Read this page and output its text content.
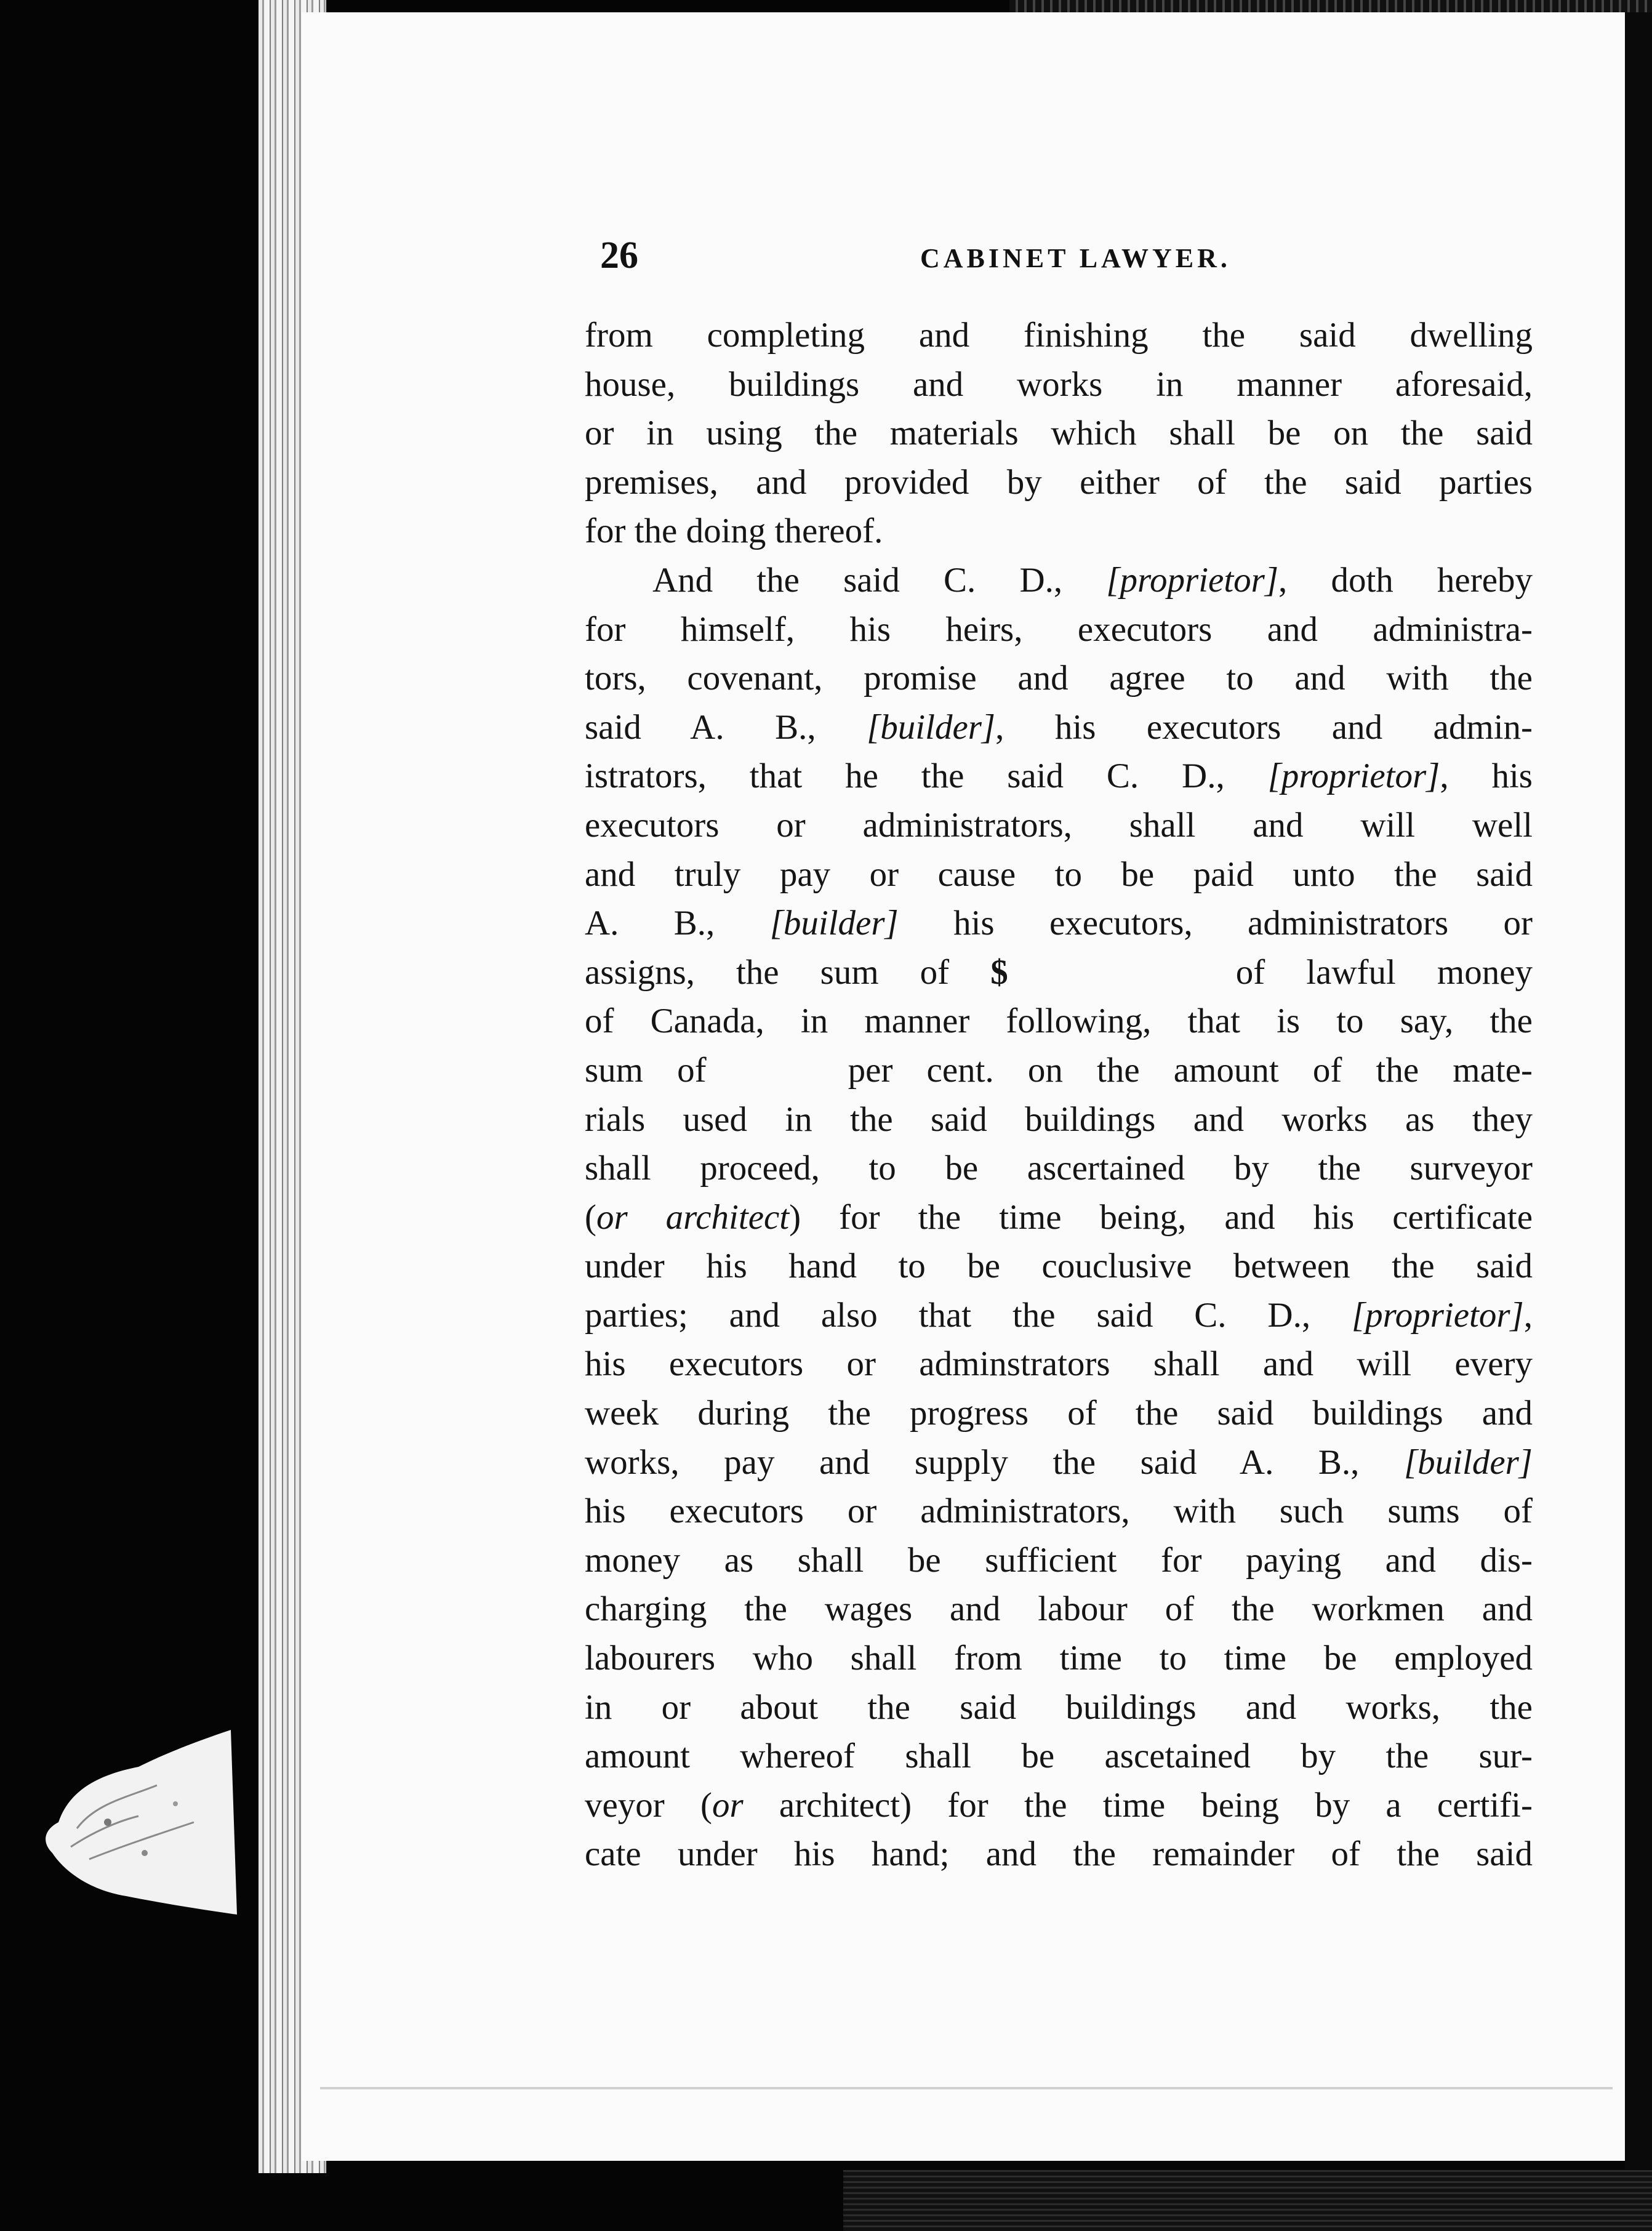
26	CABINET LAWYER.
from completing and finishing the said dwelling
house, buildings and works in manner aforesaid,
or in using the materials which shall be on the said
premises, and provided by either of the said parties
for the doing thereof.
And the said C. D., [proprietor], doth hereby
for himself, his heirs, executors and administra-
tors, covenant, promise and agree to and with the
said A. B., [builder], his executors and admin-
istrators, that he the said C. D., [proprietor], his
executors or administrators, shall and will well
and truly pay or cause to be paid unto the said
A. B., [builder] his executors, administrators or
assigns, the sum of $	of lawful money
of Canada, in manner following, that is to say, the
sum of	per cent. on the amount of the mate-
rials used in the said buildings and works as they
shall proceed, to be ascertained by the surveyor
(or architect) for the time being, and his certificate
under his hand to be couclusive between the said
parties; and also that the said C. D., [proprietor],
his executors or adminstrators shall and will every
week during the progress of the said buildings and
works, pay and supply the said A. B., [builder]
his executors or administrators, with such sums of
money as shall be sufficient for paying and dis-
charging the wages and labour of the workmen and
labourers who shall from time to time be employed
in or about the said buildings and works, the
amount whereof shall be ascetained by the sur-
veyor (or architect) for the time being by a certifi-
cate under his hand; and the remainder of the said
